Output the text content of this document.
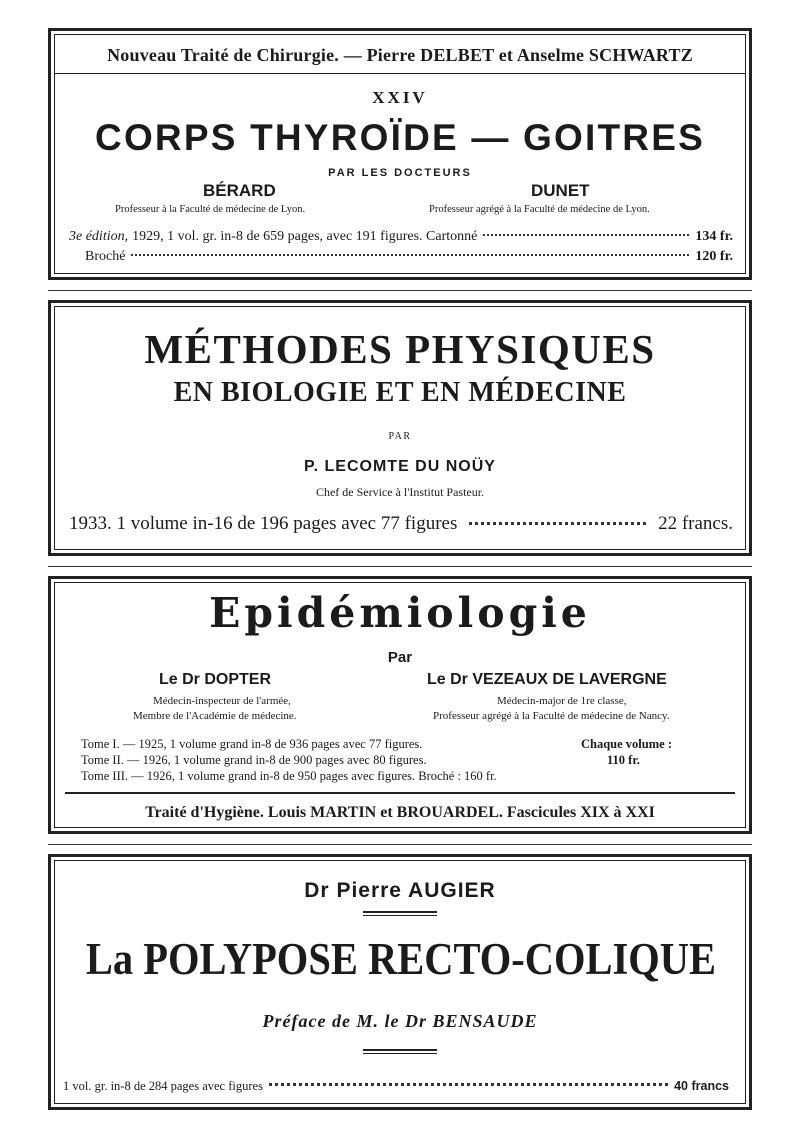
Nouveau Traité de Chirurgie. — Pierre DELBET et Anselme SCHWARTZ
XXIV
CORPS THYROÏDE — GOITRES
PAR LES DOCTEURS
BÉRARD
Professeur à la Faculté de médecine de Lyon.
DUNET
Professeur agrégé à la Faculté de médecine de Lyon.
3e édition, 1929, 1 vol. gr. in-8 de 659 pages, avec 191 figures. Cartonné	134 fr.
Broché	120 fr.
MÉTHODES PHYSIQUES
EN BIOLOGIE ET EN MÉDECINE
PAR
P. LECOMTE DU NOÜY
Chef de Service à l'Institut Pasteur.
1933. 1 volume in-16 de 196 pages avec 77 figures	22 francs.
Epidémiologie
Par
Le Dr DOPTER
Médecin-inspecteur de l'armée,
Membre de l'Académie de médecine.
Le Dr VEZEAUX DE LAVERGNE
Médecin-major de 1re classe,
Professeur agrégé à la Faculté de médecine de Nancy.
Tome I. — 1925, 1 volume grand in-8 de 936 pages avec 77 figures.
Tome II. — 1926, 1 volume grand in-8 de 900 pages avec 80 figures.
Tome III. — 1926, 1 volume grand in-8 de 950 pages avec figures. Broché : 160 fr.
Chaque volume :
110 fr.
Traité d'Hygiène. Louis MARTIN et BROUARDEL. Fascicules XIX à XXI
Dr Pierre AUGIER
La POLYPOSE RECTO-COLIQUE
Préface de M. le Dr BENSAUDE
1 vol. gr. in-8 de 284 pages avec figures	40 francs
